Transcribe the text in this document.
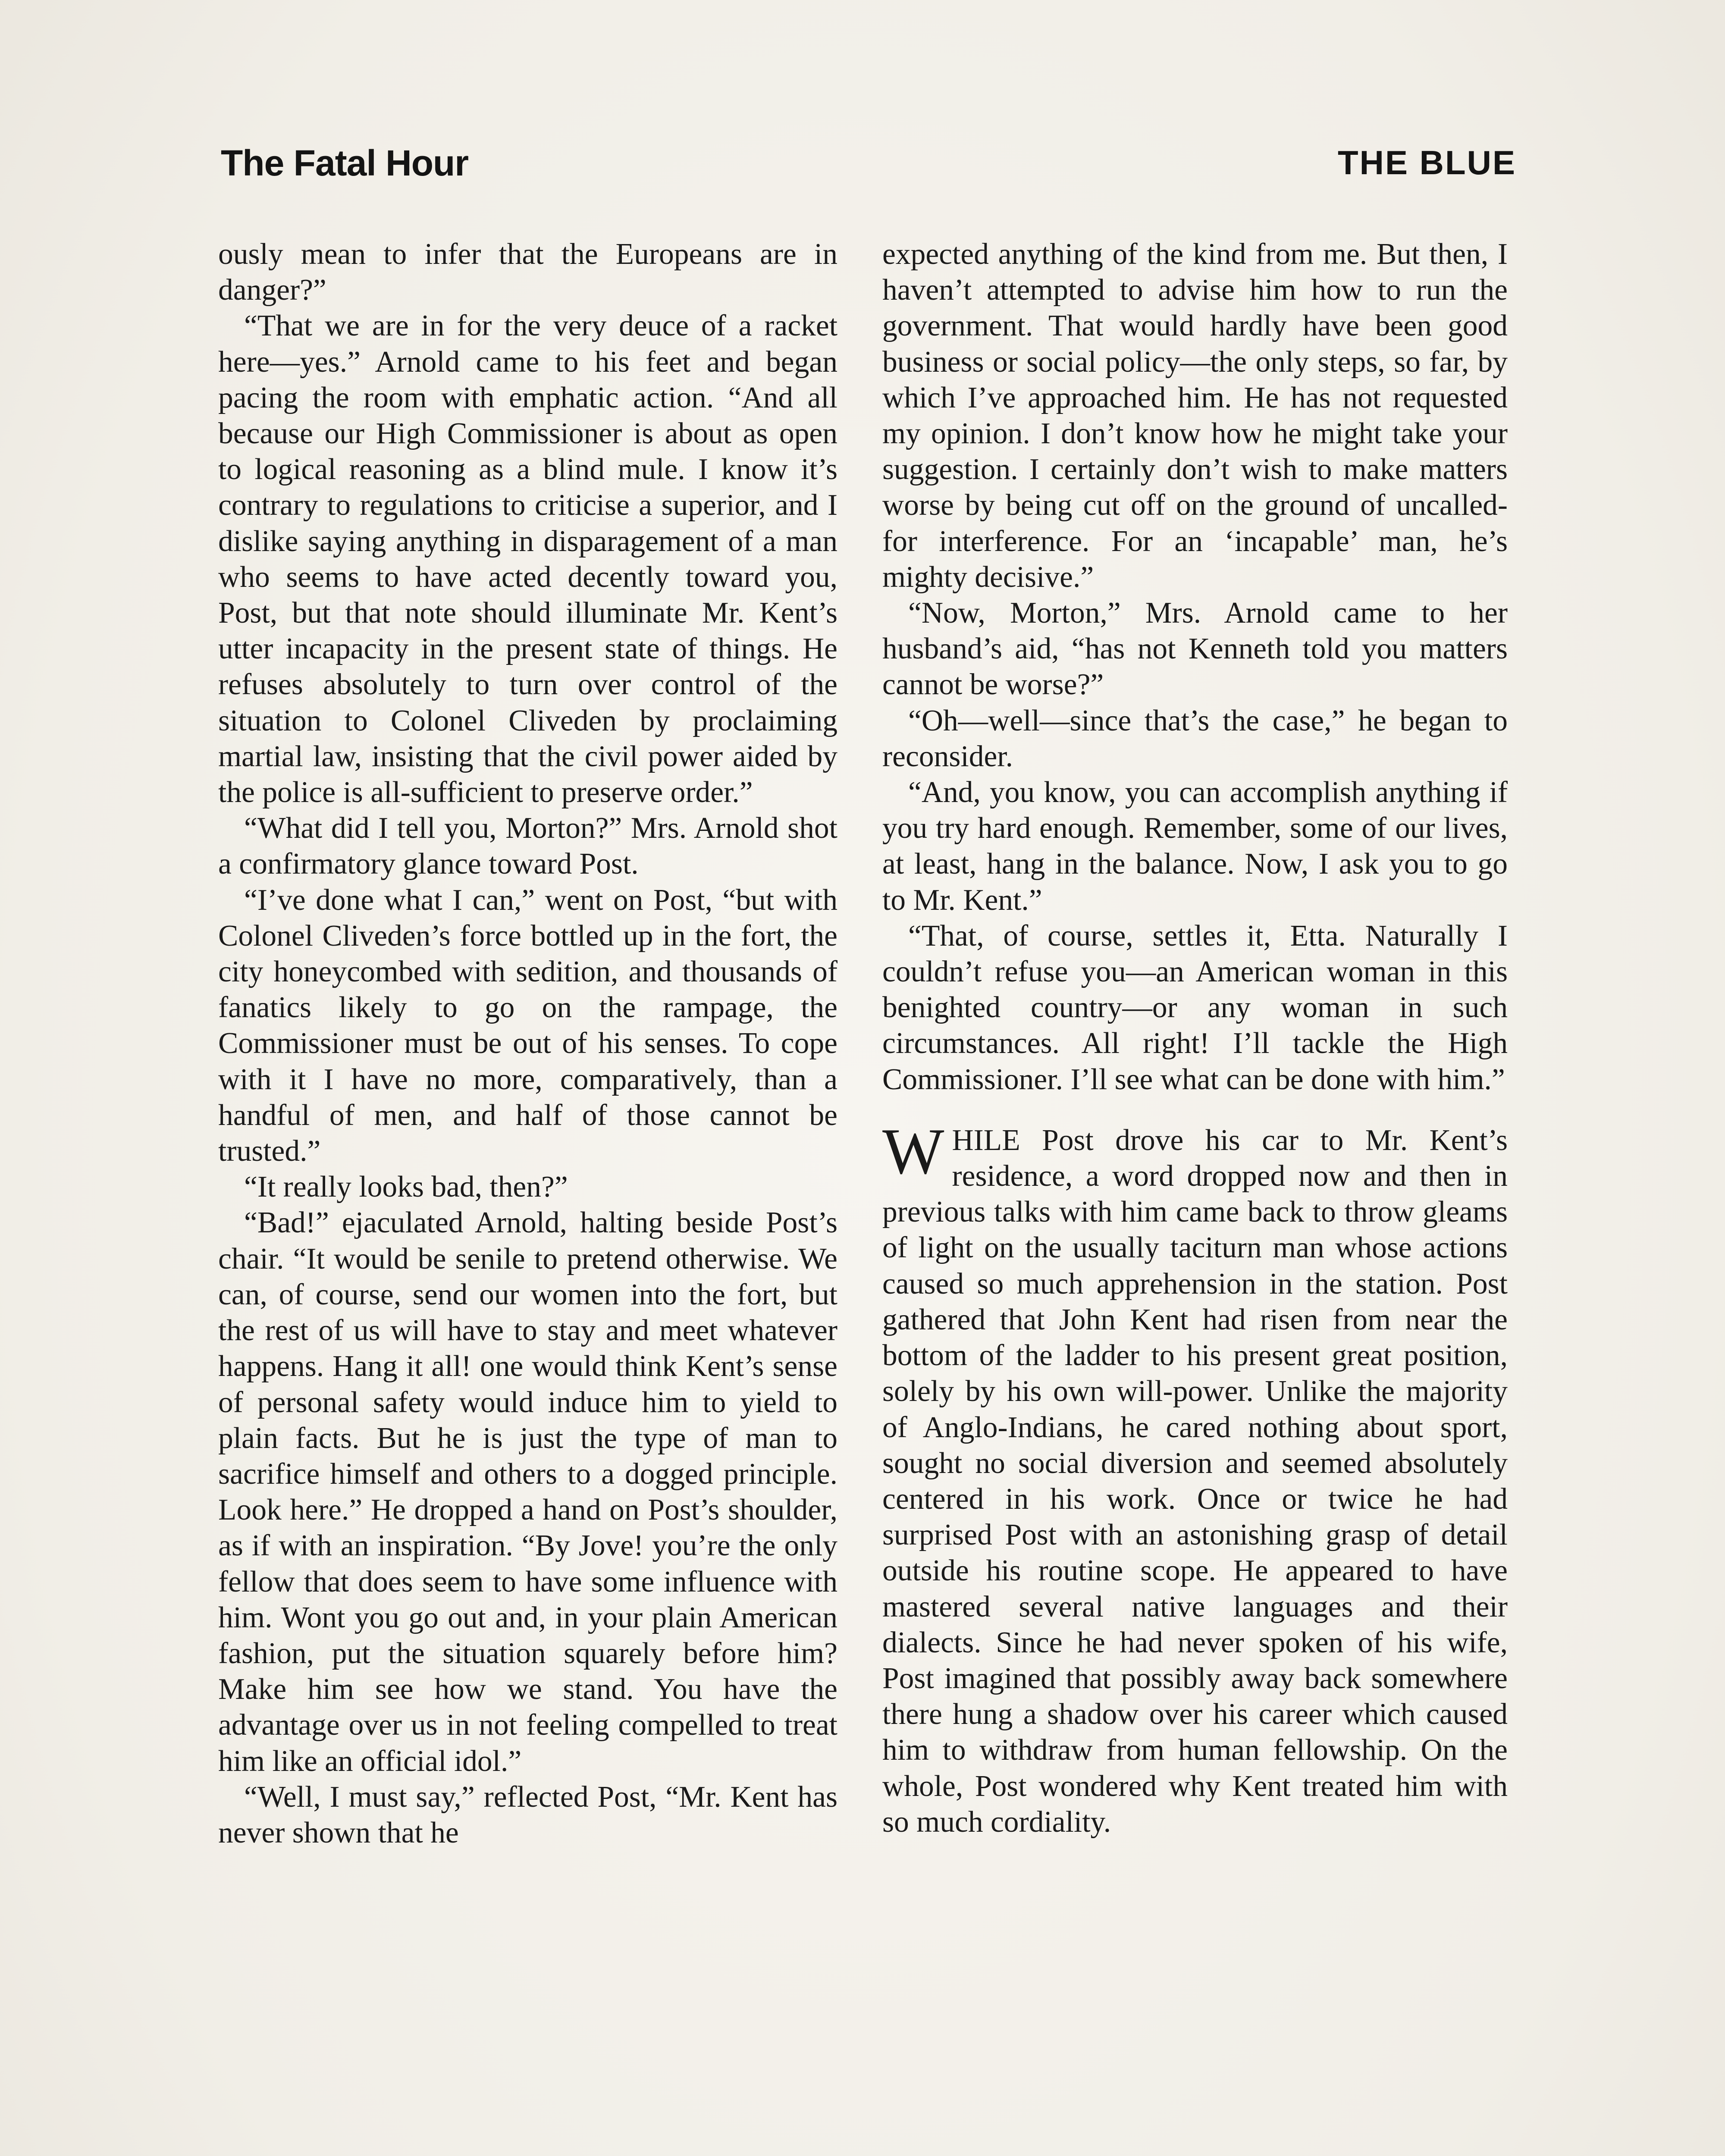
The Fatal Hour	THE BLUE

ously mean to infer that the Europeans are in danger?”

“That we are in for the very deuce of a racket here—yes.” Arnold came to his feet and began pacing the room with emphatic action. “And all because our High Commissioner is about as open to logical reasoning as a blind mule. I know it’s contrary to regulations to criticise a superior, and I dislike saying anything in disparagement of a man who seems to have acted decently toward you, Post, but that note should illuminate Mr. Kent’s utter incapacity in the present state of things. He refuses absolutely to turn over control of the situation to Colonel Cliveden by proclaiming martial law, insisting that the civil power aided by the police is all-sufficient to preserve order.”

“What did I tell you, Morton?” Mrs. Arnold shot a confirmatory glance toward Post.

“I’ve done what I can,” went on Post, “but with Colonel Cliveden’s force bottled up in the fort, the city honeycombed with sedition, and thousands of fanatics likely to go on the rampage, the Commissioner must be out of his senses. To cope with it I have no more, comparatively, than a handful of men, and half of those cannot be trusted.”

“It really looks bad, then?”

“Bad!” ejaculated Arnold, halting beside Post’s chair. “It would be senile to pretend otherwise. We can, of course, send our women into the fort, but the rest of us will have to stay and meet whatever happens. Hang it all! one would think Kent’s sense of personal safety would induce him to yield to plain facts. But he is just the type of man to sacrifice himself and others to a dogged principle. Look here.” He dropped a hand on Post’s shoulder, as if with an inspiration. “By Jove! you’re the only fellow that does seem to have some influence with him. Wont you go out and, in your plain American fashion, put the situation squarely before him? Make him see how we stand. You have the advantage over us in not feeling compelled to treat him like an official idol.”

“Well, I must say,” reflected Post, “Mr. Kent has never shown that he

expected anything of the kind from me. But then, I haven’t attempted to advise him how to run the government. That would hardly have been good business or social policy—the only steps, so far, by which I’ve approached him. He has not requested my opinion. I don’t know how he might take your suggestion. I certainly don’t wish to make matters worse by being cut off on the ground of uncalled-for interference. For an ‘incapable’ man, he’s mighty decisive.”

“Now, Morton,” Mrs. Arnold came to her husband’s aid, “has not Kenneth told you matters cannot be worse?”

“Oh—well—since that’s the case,” he began to reconsider.

“And, you know, you can accomplish anything if you try hard enough. Remember, some of our lives, at least, hang in the balance. Now, I ask you to go to Mr. Kent.”

“That, of course, settles it, Etta. Naturally I couldn’t refuse you—an American woman in this benighted country—or any woman in such circumstances. All right! I’ll tackle the High Commissioner. I’ll see what can be done with him.”

WHILE Post drove his car to Mr. Kent’s residence, a word dropped now and then in previous talks with him came back to throw gleams of light on the usually taciturn man whose actions caused so much apprehension in the station. Post gathered that John Kent had risen from near the bottom of the ladder to his present great position, solely by his own will-power. Unlike the majority of Anglo-Indians, he cared nothing about sport, sought no social diversion and seemed absolutely centered in his work. Once or twice he had surprised Post with an astonishing grasp of detail outside his routine scope. He appeared to have mastered several native languages and their dialects. Since he had never spoken of his wife, Post imagined that possibly away back somewhere there hung a shadow over his career which caused him to withdraw from human fellowship. On the whole, Post wondered why Kent treated him with so much cordiality.
